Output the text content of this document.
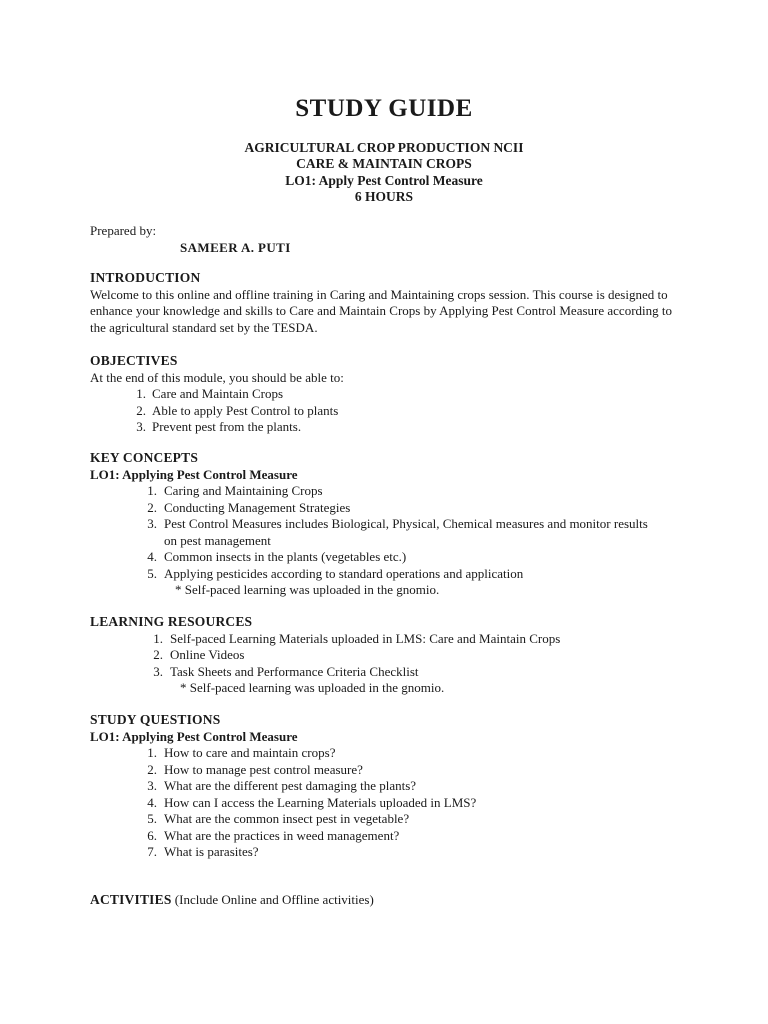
STUDY GUIDE
AGRICULTURAL CROP PRODUCTION NCII
CARE & MAINTAIN CROPS
LO1: Apply Pest Control Measure
6 HOURS
Prepared by:
SAMEER A. PUTI
INTRODUCTION

Welcome to this online and offline training in Caring and Maintaining crops session. This course is designed to enhance your knowledge and skills to Care and Maintain Crops by Applying Pest Control Measure according to the agricultural standard set by the TESDA.

OBJECTIVES
At the end of this module, you should be able to:
1. Care and Maintain Crops
2. Able to apply Pest Control to plants
3. Prevent pest from the plants.
KEY CONCEPTS
LO1: Applying Pest Control Measure
1. Caring and Maintaining Crops
2. Conducting Management Strategies
3. Pest Control Measures includes Biological, Physical, Chemical measures and monitor results
on pest management
4. Common insects in the plants (vegetables etc.)
5. Applying pesticides according to standard operations and application
* Self-paced learning was uploaded in the gnomio.
LEARNING RESOURCES
1. Self-paced Learning Materials uploaded in LMS: Care and Maintain Crops
2. Online Videos
3. Task Sheets and Performance Criteria Checklist
* Self-paced learning was uploaded in the gnomio.
STUDY QUESTIONS
LO1: Applying Pest Control Measure
1. How to care and maintain crops?
2. How to manage pest control measure?
3. What are the different pest damaging the plants?
4. How can I access the Learning Materials uploaded in LMS?
5. What are the common insect pest in vegetable?
6. What are the practices in weed management?
7. What is parasites?
ACTIVITIES (Include Online and Offline activities)
